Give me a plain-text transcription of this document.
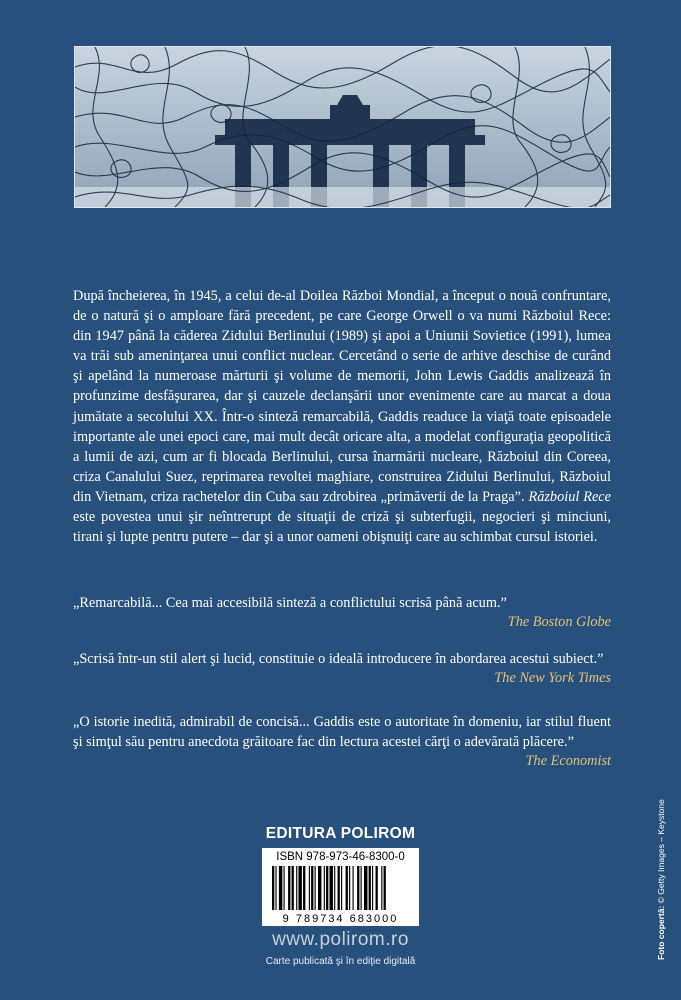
După încheierea, în 1945, a celui de-al Doilea Război Mondial, a început o nouă confruntare, de o natură şi o amploare fără precedent, pe care George Orwell o va numi Războiul Rece: din 1947 până la căderea Zidului Berlinului (1989) şi apoi a Uniunii Sovietice (1991), lumea va trăi sub ameninţarea unui conflict nuclear. Cercetând o serie de arhive deschise de curând şi apelând la numeroase mărturii şi volume de memorii, John Lewis Gaddis analizează în profunzime desfăşurarea, dar şi cauzele declanşării unor evenimente care au marcat a doua jumătate a secolului XX. Într-o sinteză remarcabilă, Gaddis readuce la viaţă toate episoadele importante ale unei epoci care, mai mult decât oricare alta, a modelat configuraţia geopolitică a lumii de azi, cum ar fi blocada Berlinului, cursa înarmării nucleare, Războiul din Coreea, criza Canalului Suez, reprimarea revoltei maghiare, construirea Zidului Berlinului, Războiul din Vietnam, criza rachetelor din Cuba sau zdrobirea „primăverii de la Praga”. Războiul Rece este povestea unui şir neîntrerupt de situaţii de criză şi subterfugii, negocieri şi minciuni, tirani şi lupte pentru putere – dar şi a unor oameni obişnuiţi care au schimbat cursul istoriei.

„Remarcabilă... Cea mai accesibilă sinteză a conflictului scrisă până acum.”

The Boston Globe

„Scrisă într-un stil alert şi lucid, constituie o ideală introducere în abordarea acestui subiect.”

The New York Times

„O istorie inedită, admirabil de concisă... Gaddis este o autoritate în domeniu, iar stilul fluent şi simţul său pentru anecdota grăitoare fac din lectura acestei cărţi o adevărată plăcere.”

The Economist
EDITURA POLIROM
ISBN 978-973-46-8300-0
9 789734 683000
www.polirom.ro
Carte publicată şi în ediţie digitală
Foto copertă: © Getty Images – Keystone
